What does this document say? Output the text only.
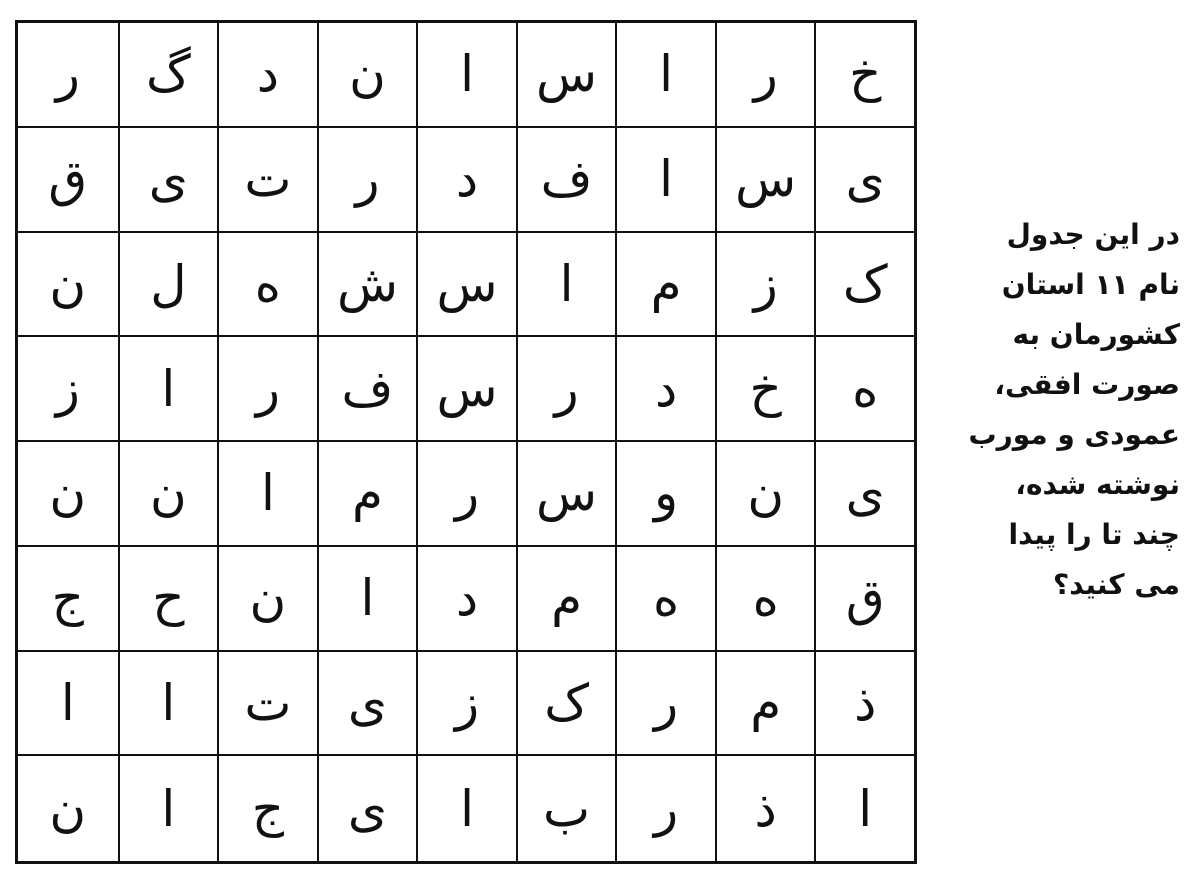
خ
ر
ا
س
ا
ن
د
گ
ر
ی
س
ا
ف
د
ر
ت
ی
ق
ک
ز
م
ا
س
ش
ه
ل
ن
ه
خ
د
ر
س
ف
ر
ا
ز
ی
ن
و
س
ر
م
ا
ن
ن
ق
ه
ه
م
د
ا
ن
ح
ج
ذ
م
ر
ک
ز
ی
ت
ا
ا
ا
ذ
ر
ب
ا
ی
ج
ا
ن
در این جدول
نام ۱۱ استان
کشورمان به
صورت افقی،
عمودی و مورب
نوشته شده،
چند تا را پیدا
می کنید؟
